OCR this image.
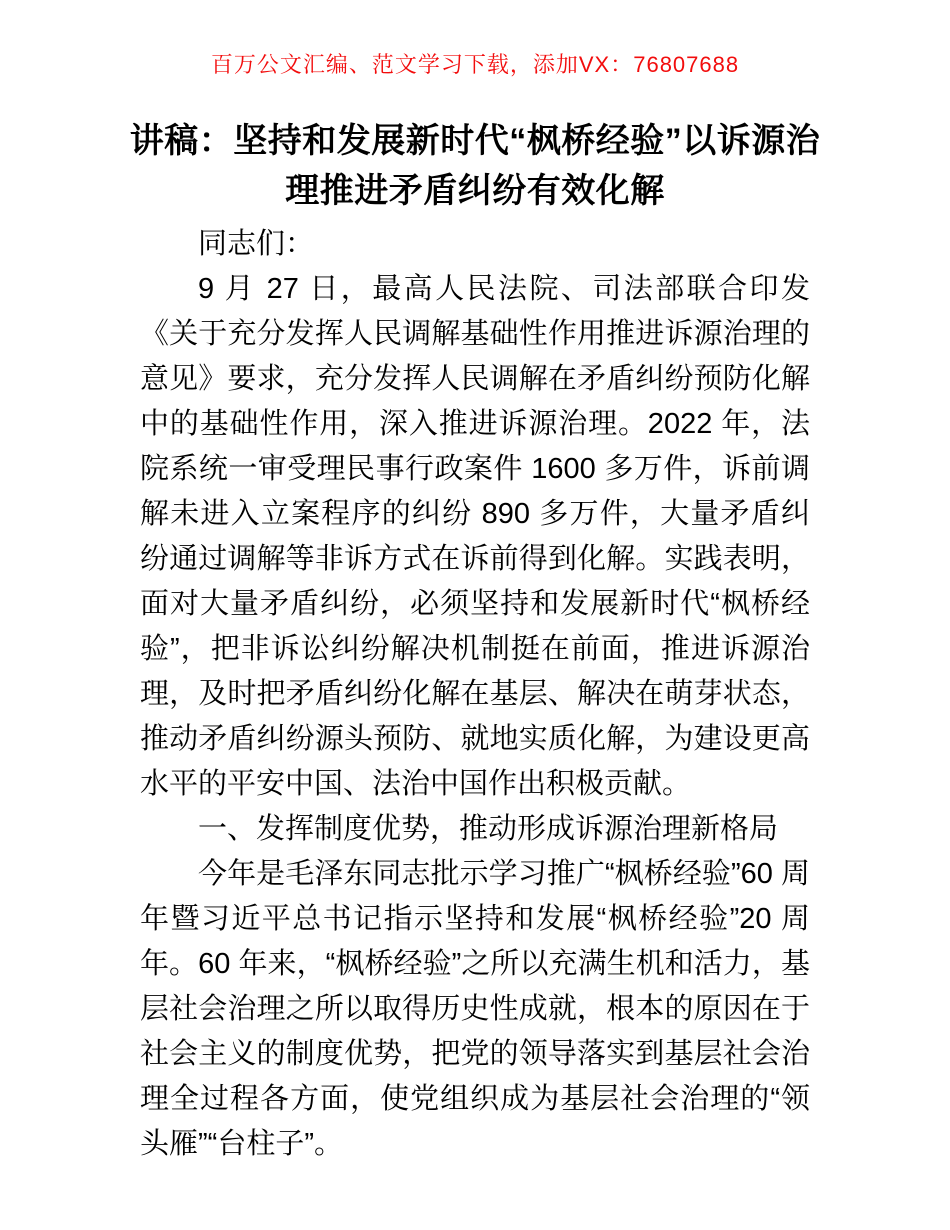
百万公文汇编、范文学习下载，添加VX：76807688
讲稿：坚持和发展新时代“枫桥经验”以诉源治理推进矛盾纠纷有效化解

同志们：

9 月 27 日，最高人民法院、司法部联合印发《关于充分发挥人民调解基础性作用推进诉源治理的意见》要求，充分发挥人民调解在矛盾纠纷预防化解中的基础性作用，深入推进诉源治理。2022 年，法院系统一审受理民事行政案件 1600 多万件，诉前调解未进入立案程序的纠纷 890 多万件，大量矛盾纠纷通过调解等非诉方式在诉前得到化解。实践表明，面对大量矛盾纠纷，必须坚持和发展新时代“枫桥经验”，把非诉讼纠纷解决机制挺在前面，推进诉源治理，及时把矛盾纠纷化解在基层、解决在萌芽状态，推动矛盾纠纷源头预防、就地实质化解，为建设更高水平的平安中国、法治中国作出积极贡献。

一、发挥制度优势，推动形成诉源治理新格局

今年是毛泽东同志批示学习推广“枫桥经验”60 周年暨习近平总书记指示坚持和发展“枫桥经验”20 周年。60 年来，“枫桥经验”之所以充满生机和活力，基层社会治理之所以取得历史性成就，根本的原因在于社会主义的制度优势，把党的领导落实到基层社会治理全过程各方面，使党组织成为基层社会治理的“领头雁”“台柱子”。
